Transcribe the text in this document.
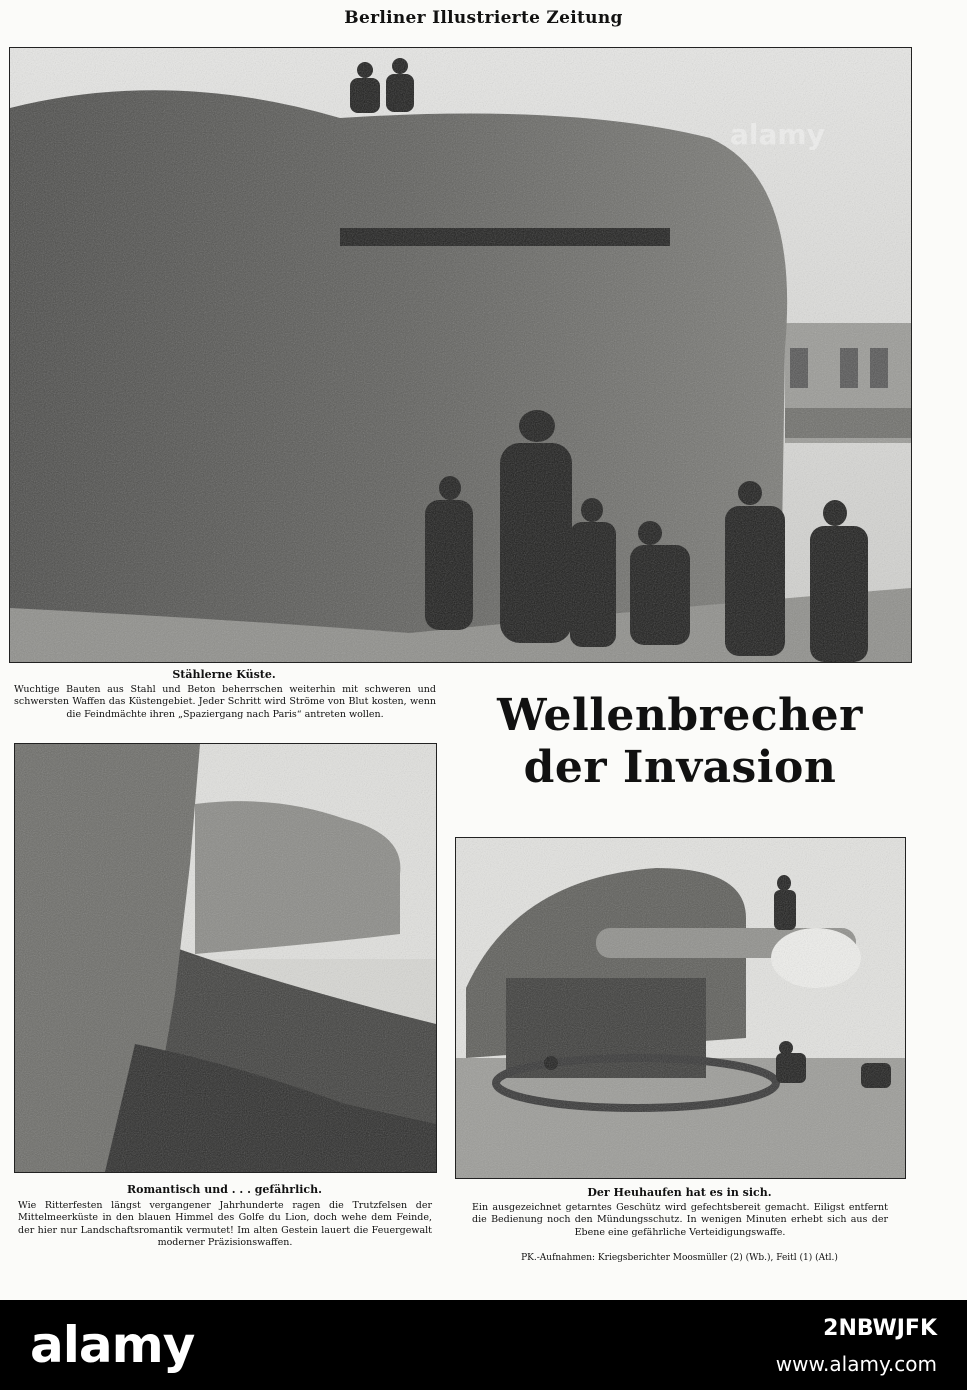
Berliner Illustrierte Zeitung
alamy
Stählerne Küste.
Wuchtige Bauten aus Stahl und Beton beherrschen weiterhin mit schweren und schwersten Waffen das Küstengebiet. Jeder Schritt wird Ströme von Blut kosten, wenn die Feindmächte ihren „Spaziergang nach Paris“ antreten wollen.	Wellenbrecher
der Invasion
Romantisch und . . . gefährlich.
Wie Ritterfesten längst vergangener Jahrhunderte ragen die Trutzfelsen der Mittelmeerküste in den blauen Himmel des Golfe du Lion, doch wehe dem Feinde, der hier nur Landschaftsromantik vermutet! Im alten Gestein lauert die Feuergewalt moderner Präzisionswaffen.
Der Heuhaufen hat es in sich.
Ein ausgezeichnet getarntes Geschütz wird gefechtsbereit gemacht. Eiligst entfernt die Bedienung noch den Mündungsschutz. In wenigen Minuten erhebt sich aus der Ebene eine gefährliche Verteidigungswaffe.
PK.-Aufnahmen: Kriegsberichter Moosmüller (2) (Wb.), Feitl (1) (Atl.)
alamy	2NBWJFK
www.alamy.com
